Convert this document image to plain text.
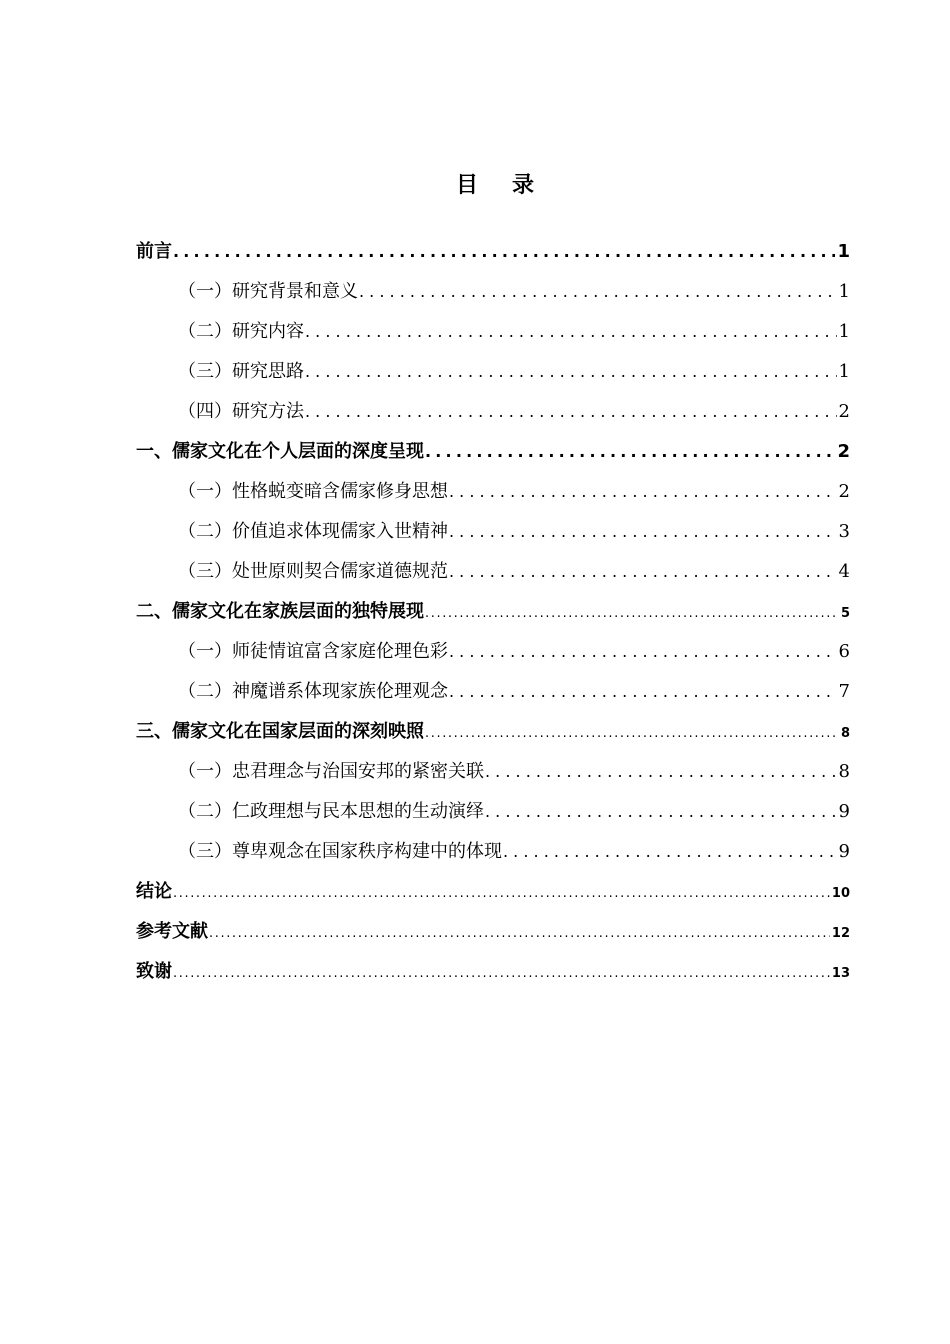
目 录
前言 .....	1
（一） 研究背景和意义 .....	1
（二） 研究内容 .....	1
（三） 研究思路 .....	1
（四） 研究方法 .....	2
一、 儒家文化在个人层面的深度呈现 .....	2
（一） 性格蜕变暗含儒家修身思想 .....	2
（二） 价值追求体现儒家入世精神 .....	3
（三） 处世原则契合儒家道德规范 .....	4
二、 儒家文化在家族层面的独特展现 .....	5
（一） 师徒情谊富含家庭伦理色彩 .....	6
（二） 神魔谱系体现家族伦理观念 .....	7
三、 儒家文化在国家层面的深刻映照 .....	8
（一） 忠君理念与治国安邦的紧密关联 .....	8
（二） 仁政理想与民本思想的生动演绎 .....	9
（三） 尊卑观念在国家秩序构建中的体现 .....	9
结论 .....	10
参考文献 .....	12
致谢 .....	13
